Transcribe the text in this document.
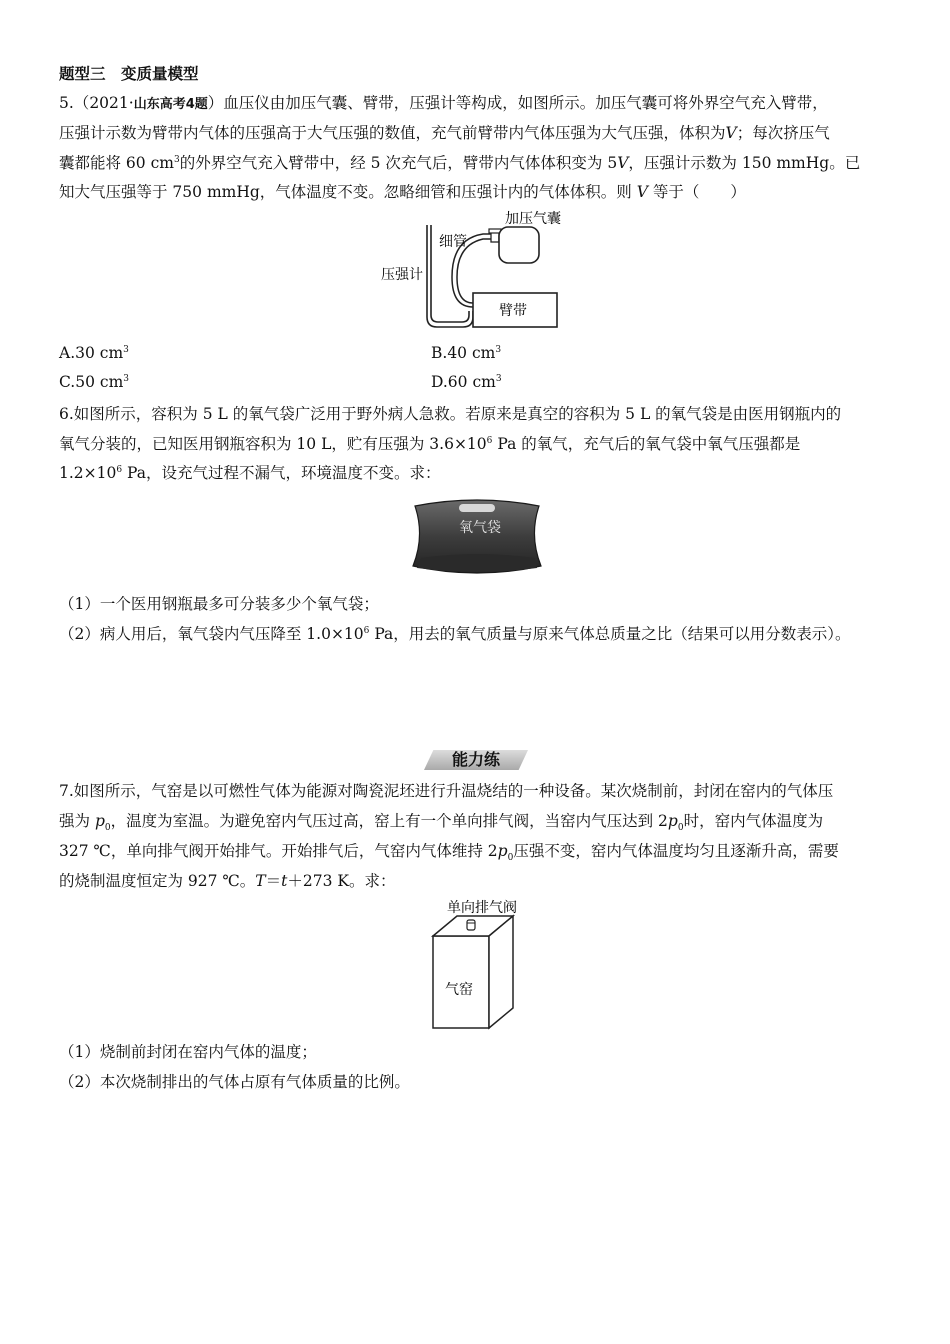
题型三　变质量模型
5.（2021·山东高考4题）血压仪由加压气囊、臂带，压强计等构成，如图所示。加压气囊可将外界空气充入臂带，
压强计示数为臂带内气体的压强高于大气压强的数值，充气前臂带内气体压强为大气压强，体积为V；每次挤压气
囊都能将 60 $cm^3$的外界空气充入臂带中，经 5 次充气后，臂带内气体体积变为 5V，压强计示数为 150 mmHg。已
知大气压强等于 750 mmHg，气体温度不变。忽略细管和压强计内的气体体积。则 V 等于（　　）
加压气囊
细管
压强计
臂带
A.30 $cm^3$	B.40 $cm^3$
C.50 $cm^3$	D.60 $cm^3$
6.如图所示，容积为 5 L 的氧气袋广泛用于野外病人急救。若原来是真空的容积为 5 L 的氧气袋是由医用钢瓶内的
氧气分装的，已知医用钢瓶容积为 10 L，贮有压强为 $3.6\times 10^6$ Pa 的氧气，充气后的氧气袋中氧气压强都是
$1.2\times 10^6$ Pa，设充气过程不漏气，环境温度不变。求：
氧气袋
（1）一个医用钢瓶最多可分装多少个氧气袋；
（2）病人用后，氧气袋内气压降至 $1.0\times 10^6$ Pa，用去的氧气质量与原来气体总质量之比（结果可以用分数表示）。
能力练
7.如图所示，气窑是以可燃性气体为能源对陶瓷泥坯进行升温烧结的一种设备。某次烧制前，封闭在窑内的气体压
强为 $p_0$，温度为室温。为避免窑内气压过高，窑上有一个单向排气阀，当窑内气压达到 $2p_0$时，窑内气体温度为
327 ℃，单向排气阀开始排气。开始排气后，气窑内气体维持 $2p_0$压强不变，窑内气体温度均匀且逐渐升高，需要
的烧制温度恒定为 927 ℃。T＝t＋273 K。求：
单向排气阀
气窑
（1）烧制前封闭在窑内气体的温度；
（2）本次烧制排出的气体占原有气体质量的比例。
